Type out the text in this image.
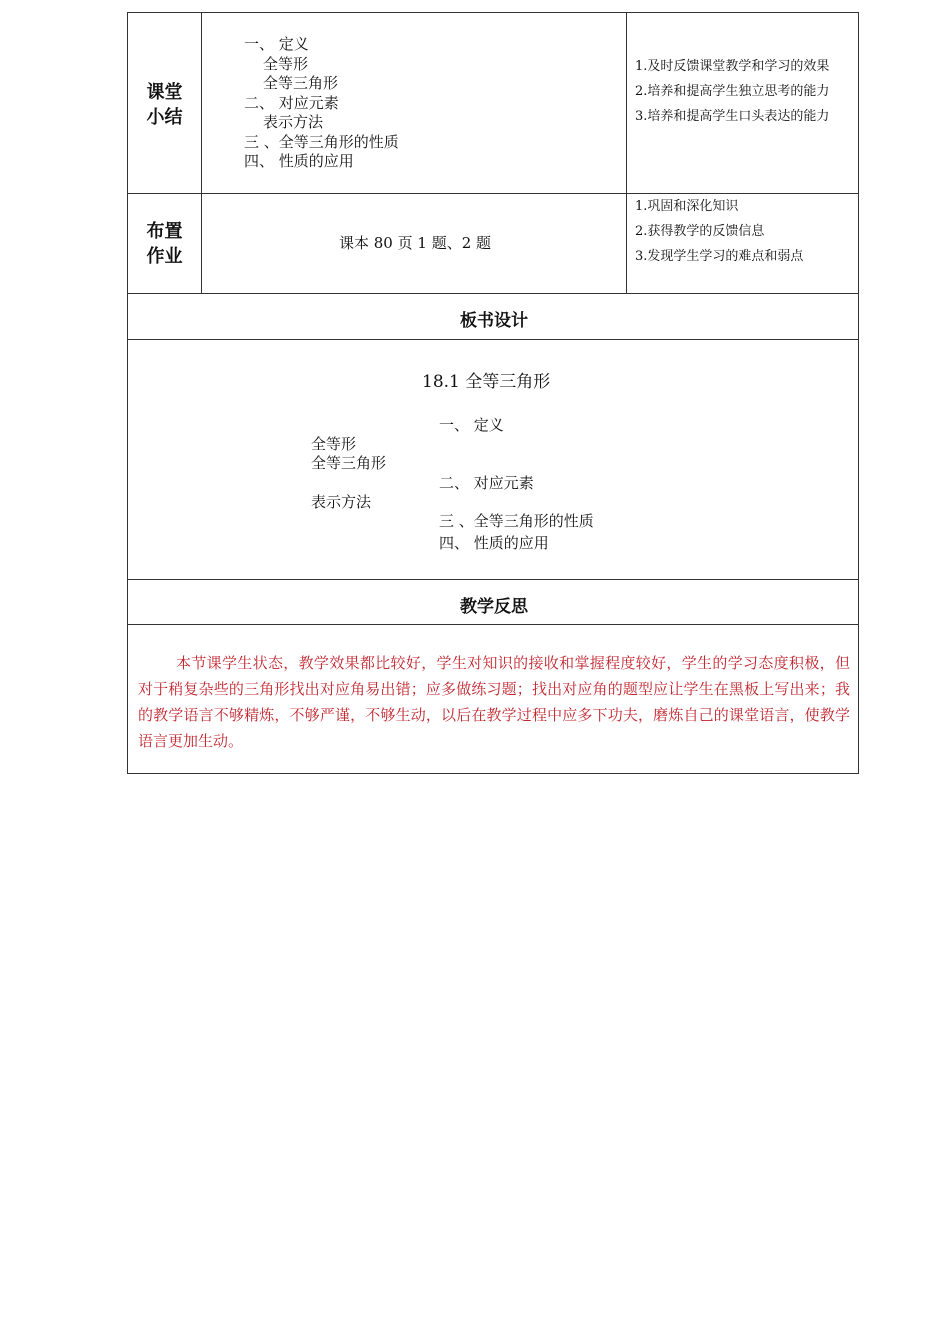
课堂
小结
一、 定义
全等形
全等三角形
二、 对应元素
表示方法
三 、全等三角形的性质
四、 性质的应用
1.及时反馈课堂教学和学习的效果
2.培养和提高学生独立思考的能力
3.培养和提高学生口头表达的能力
布置
作业
课本 80 页 1 题、2 题
1.巩固和深化知识
2.获得教学的反馈信息
3.发现学生学习的难点和弱点
板书设计
18.1 全等三角形
一、 定义
全等形
全等三角形
二、 对应元素
表示方法
三 、全等三角形的性质
四、 性质的应用
教学反思
本节课学生状态，教学效果都比较好，学生对知识的接收和掌握程度较好，学生的学习态度积极，但对于稍复杂些的三角形找出对应角易出错；应多做练习题；找出对应角的题型应让学生在黑板上写出来；我的教学语言不够精炼，不够严谨，不够生动，以后在教学过程中应多下功夫，磨炼自己的课堂语言，使教学语言更加生动。
